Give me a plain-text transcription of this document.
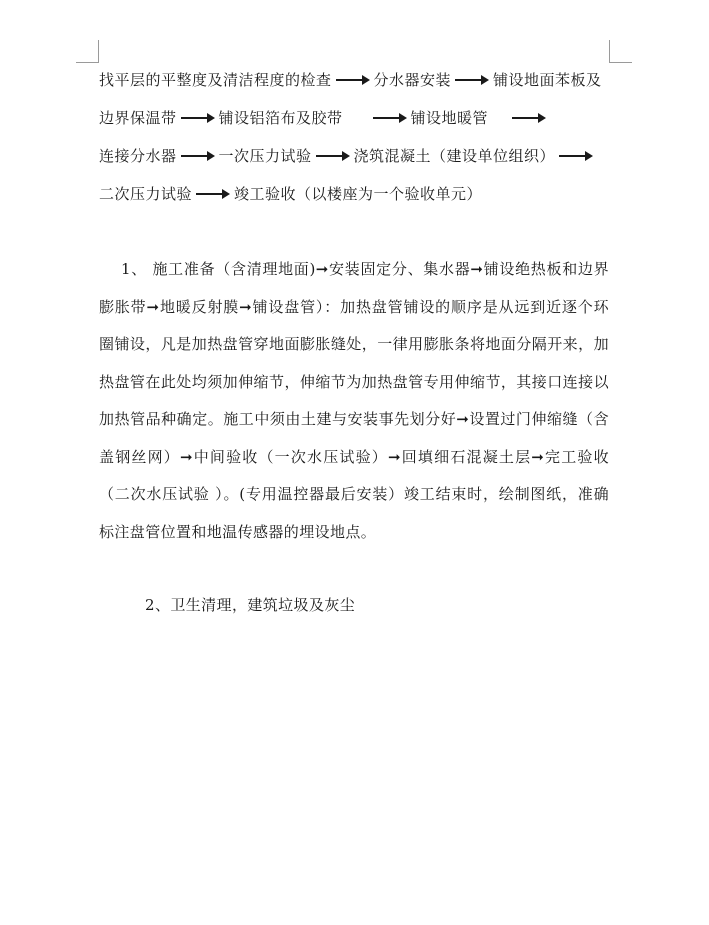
找平层的平整度及清洁程度的检查	分水器安装	铺设地面苯板及
边界保温带	铺设铝箔布及胶带	铺设地暖管
连接分水器	一次压力试验	浇筑混凝土（建设单位组织）
二次压力试验	竣工验收（以楼座为一个验收单元）
1、 施工准备（含清理地面)➞安装固定分、集水器➞铺设绝热板和边界膨胀带➞地暖反射膜➞铺设盘管）：加热盘管铺设的顺序是从远到近逐个环圈铺设，凡是加热盘管穿地面膨胀缝处，一律用膨胀条将地面分隔开来，加热盘管在此处均须加伸缩节，伸缩节为加热盘管专用伸缩节，其接口连接以加热管品种确定。施工中须由土建与安装事先划分好➞设置过门伸缩缝（含盖钢丝网）➞中间验收（一次水压试验）➞回填细石混凝土层➞完工验收（二次水压试验 ）。(专用温控器最后安装）竣工结束时，绘制图纸，准确标注盘管位置和地温传感器的埋设地点。
2、卫生清理，建筑垃圾及灰尘
